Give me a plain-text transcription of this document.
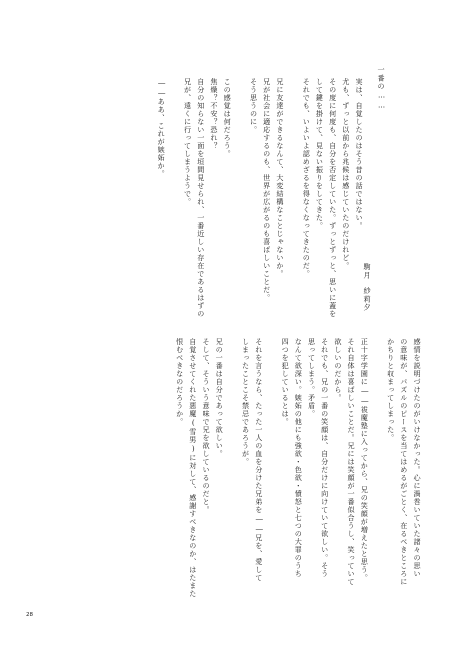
一番の……
駒月
紗莉夕
実は、自覚したのはそう昔の話ではない。
尤も、ずっと以前から兆候は感じていたのだけれど。
その度に何度も、自分を否定していた。ずっとずっと、思いに蓋を
して鍵を掛けて、見ない振りをしてきた。
それでも、いよいよ認めざるを得なくなってきたのだ。
兄に友達ができるなんて、大変結構なことじゃないか。
兄が社会に適応するのも、世界が広がるのも喜ばしいことだ。
そう思うのに。
この感覚は何だろう。
焦燥？不安？恐れ？
自分の知らない一面を垣間見せられ、一番近しい存在であるはずの
兄が、遠くに行ってしまうようで。
――ああ、これが嫉妬か。
感情を説明づけたのがいけなかった。心に渦巻いていた諸々の思い
の意味が、パズルのピースを当てはめるがごとく、在るべきところに
かちりと収まってしまった。
正十字学園に――祓魔塾に入ってから、兄の笑顔が増えたと思う。
それ自体は喜ばしいことだ。兄には笑顔が一番似合うし、笑っていて
欲しいのだから。
それでも、兄の一番の笑顔は、自分だけに向けていて欲しい。そう
思ってしまう。矛盾。
なんて欲深い。嫉妬の他にも強欲・色欲・憤怒と七つの大罪のうち
四つを犯しているとは。
それを言うなら、たった一人の血を分けた兄弟を――兄を、愛して
しまったことこそ禁忌であろうが。
兄の一番は自分であって欲しい。
そして、そういう意味で兄を欲しているのだと。
自覚させてくれた悪魔(雪男)に対して、感謝すべきなのか、はたまた
恨むべきなのだろうか。
28
